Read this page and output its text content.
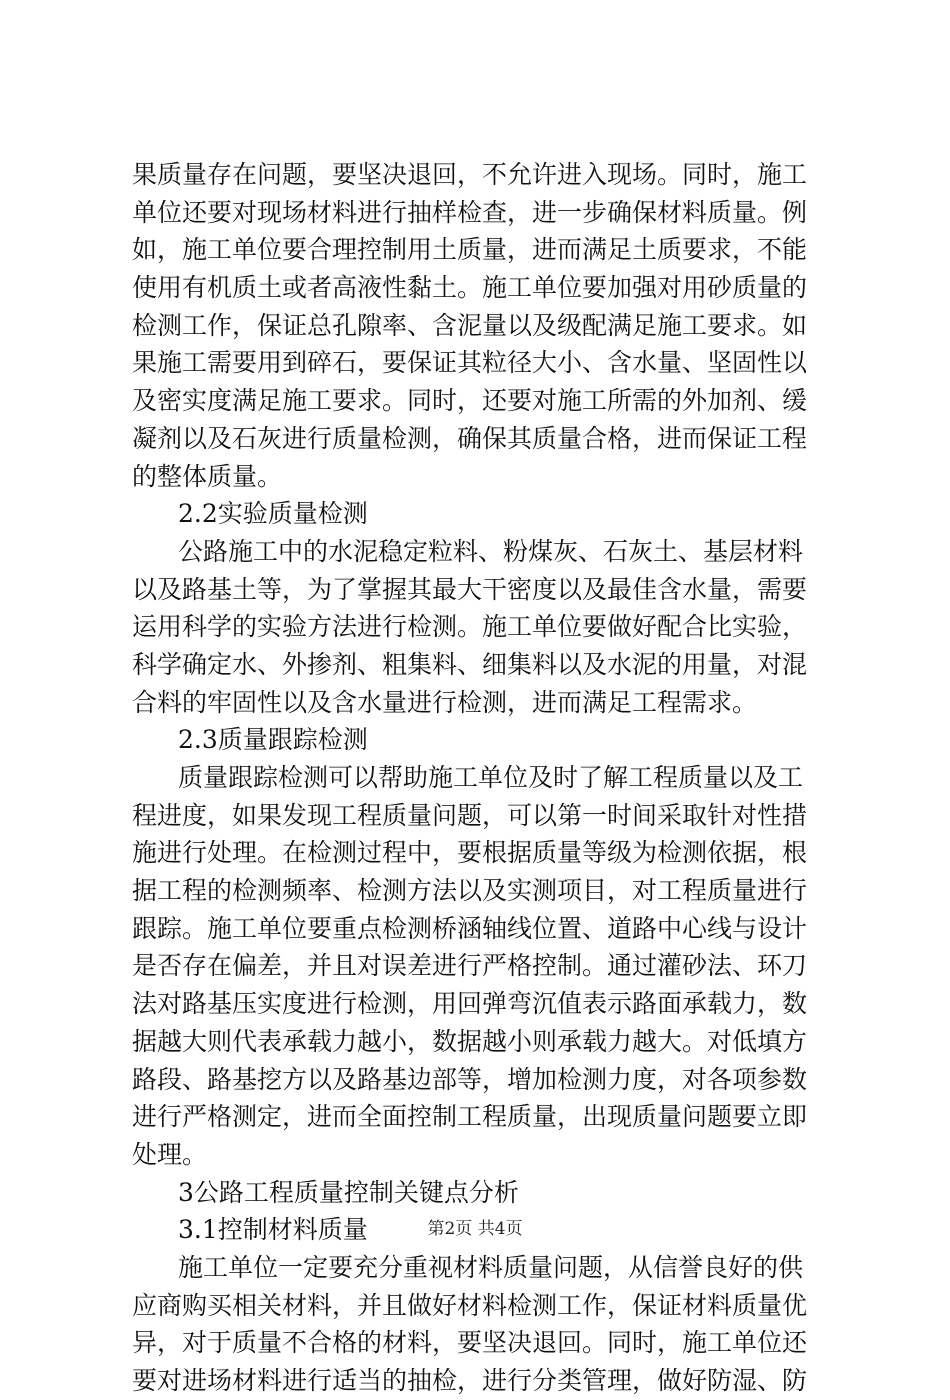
果质量存在问题，要坚决退回，不允许进入现场。同时，施工
单位还要对现场材料进行抽样检查，进一步确保材料质量。例
如，施工单位要合理控制用土质量，进而满足土质要求，不能
使用有机质土或者高液性黏土。施工单位要加强对用砂质量的
检测工作，保证总孔隙率、含泥量以及级配满足施工要求。如
果施工需要用到碎石，要保证其粒径大小、含水量、坚固性以
及密实度满足施工要求。同时，还要对施工所需的外加剂、缓
凝剂以及石灰进行质量检测，确保其质量合格，进而保证工程
的整体质量。
2.2实验质量检测
公路施工中的水泥稳定粒料、粉煤灰、石灰土、基层材料
以及路基土等，为了掌握其最大干密度以及最佳含水量，需要
运用科学的实验方法进行检测。施工单位要做好配合比实验，
科学确定水、外掺剂、粗集料、细集料以及水泥的用量，对混
合料的牢固性以及含水量进行检测，进而满足工程需求。
2.3质量跟踪检测
质量跟踪检测可以帮助施工单位及时了解工程质量以及工
程进度，如果发现工程质量问题，可以第一时间采取针对性措
施进行处理。在检测过程中，要根据质量等级为检测依据，根
据工程的检测频率、检测方法以及实测项目，对工程质量进行
跟踪。施工单位要重点检测桥涵轴线位置、道路中心线与设计
是否存在偏差，并且对误差进行严格控制。通过灌砂法、环刀
法对路基压实度进行检测，用回弹弯沉值表示路面承载力，数
据越大则代表承载力越小，数据越小则承载力越大。对低填方
路段、路基挖方以及路基边部等，增加检测力度，对各项参数
进行严格测定，进而全面控制工程质量，出现质量问题要立即
处理。
3公路工程质量控制关键点分析
3.1控制材料质量
施工单位一定要充分重视材料质量问题，从信誉良好的供
应商购买相关材料，并且做好材料检测工作，保证材料质量优
异，对于质量不合格的材料，要坚决退回。同时，施工单位还
要对进场材料进行适当的抽检，进行分类管理，做好防湿、防
第2页 共4页
